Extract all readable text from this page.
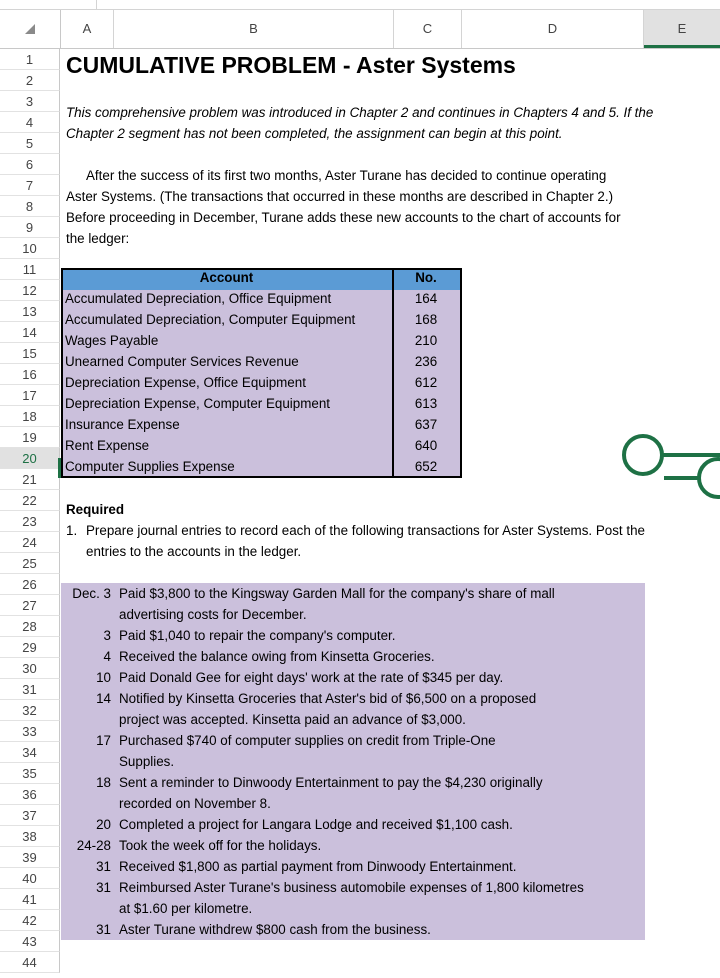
A	B	C	D	E
1
2
3
4
5
6
7
8
9
10
11
12
13
14
15
16
17
18
19
20
21
22
23
24
25
26
27
28
29
30
31
32
33
34
35
36
37
38
39
40
41
42
43
44
CUMULATIVE PROBLEM - Aster Systems
This comprehensive problem was introduced in Chapter 2 and continues in Chapters 4 and 5. If the
Chapter 2 segment has not been completed, the assignment can begin at this point.
After the success of its first two months, Aster Turane has decided to continue operating
Aster Systems. (The transactions that occurred in these months are described in Chapter 2.)
Before proceeding in December, Turane adds these new accounts to the chart of accounts for
the ledger:
Account	No.
Accumulated Depreciation, Office Equipment	164
Accumulated Depreciation, Computer Equipment	168
Wages Payable	210
Unearned Computer Services Revenue	236
Depreciation Expense, Office Equipment	612
Depreciation Expense, Computer Equipment	613
Insurance Expense	637
Rent Expense	640
Computer Supplies Expense	652
Required
1. Prepare journal entries to record each of the following transactions for Aster Systems. Post the
entries to the accounts in the ledger.
Dec. 3 Paid $3,800 to the Kingsway Garden Mall for the company's share of mall
advertising costs for December.
3 Paid $1,040 to repair the company's computer.
4 Received the balance owing from Kinsetta Groceries.
10 Paid Donald Gee for eight days' work at the rate of $345 per day.
14 Notified by Kinsetta Groceries that Aster's bid of $6,500 on a proposed
project was accepted. Kinsetta paid an advance of $3,000.
17 Purchased $740 of computer supplies on credit from Triple-One
Supplies.
18 Sent a reminder to Dinwoody Entertainment to pay the $4,230 originally
recorded on November 8.
20 Completed a project for Langara Lodge and received $1,100 cash.
24-28 Took the week off for the holidays.
31 Received $1,800 as partial payment from Dinwoody Entertainment.
31 Reimbursed Aster Turane's business automobile expenses of 1,800 kilometres
at $1.60 per kilometre.
31 Aster Turane withdrew $800 cash from the business.
